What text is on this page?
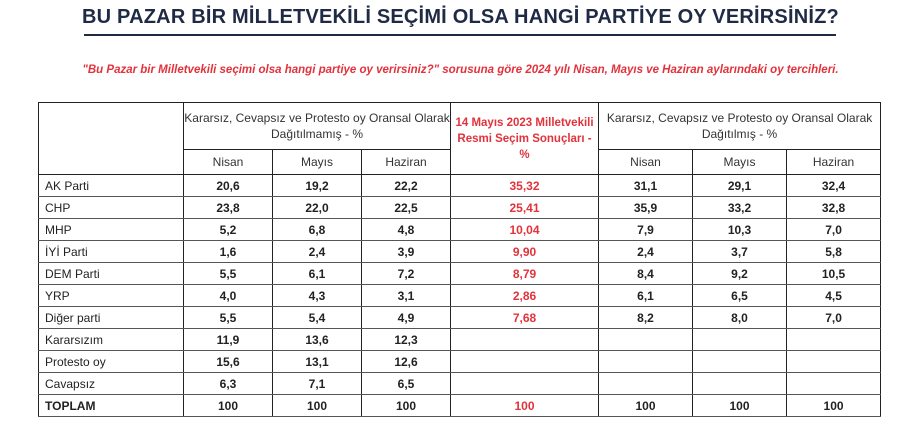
BU PAZAR BİR MİLLETVEKİLİ SEÇİMİ OLSA HANGİ PARTİYE OY VERİRSİNİZ?
"Bu Pazar bir Milletvekili seçimi olsa hangi partiye oy verirsiniz?" sorusuna göre 2024 yılı Nisan, Mayıs ve Haziran aylarındaki oy tercihleri.
	Kararsız, Cevapsız ve Protesto oy Oransal Olarak Dağıtılmamış - %			14 Mayıs 2023 Milletvekili Resmi Seçim Sonuçları - %	Kararsız, Cevapsız ve Protesto oy Oransal Olarak Dağıtılmış - %		
	Nisan	Mayıs	Haziran		Nisan	Mayıs	Haziran
AK Parti	20,6	19,2	22,2	35,32	31,1	29,1	32,4
CHP	23,8	22,0	22,5	25,41	35,9	33,2	32,8
MHP	5,2	6,8	4,8	10,04	7,9	10,3	7,0
İYİ Parti	1,6	2,4	3,9	9,90	2,4	3,7	5,8
DEM Parti	5,5	6,1	7,2	8,79	8,4	9,2	10,5
YRP	4,0	4,3	3,1	2,86	6,1	6,5	4,5
Diğer parti	5,5	5,4	4,9	7,68	8,2	8,0	7,0
Kararsızım	11,9	13,6	12,3				
Protesto oy	15,6	13,1	12,6				
Cavapsız	6,3	7,1	6,5				
TOPLAM	100	100	100	100	100	100	100
